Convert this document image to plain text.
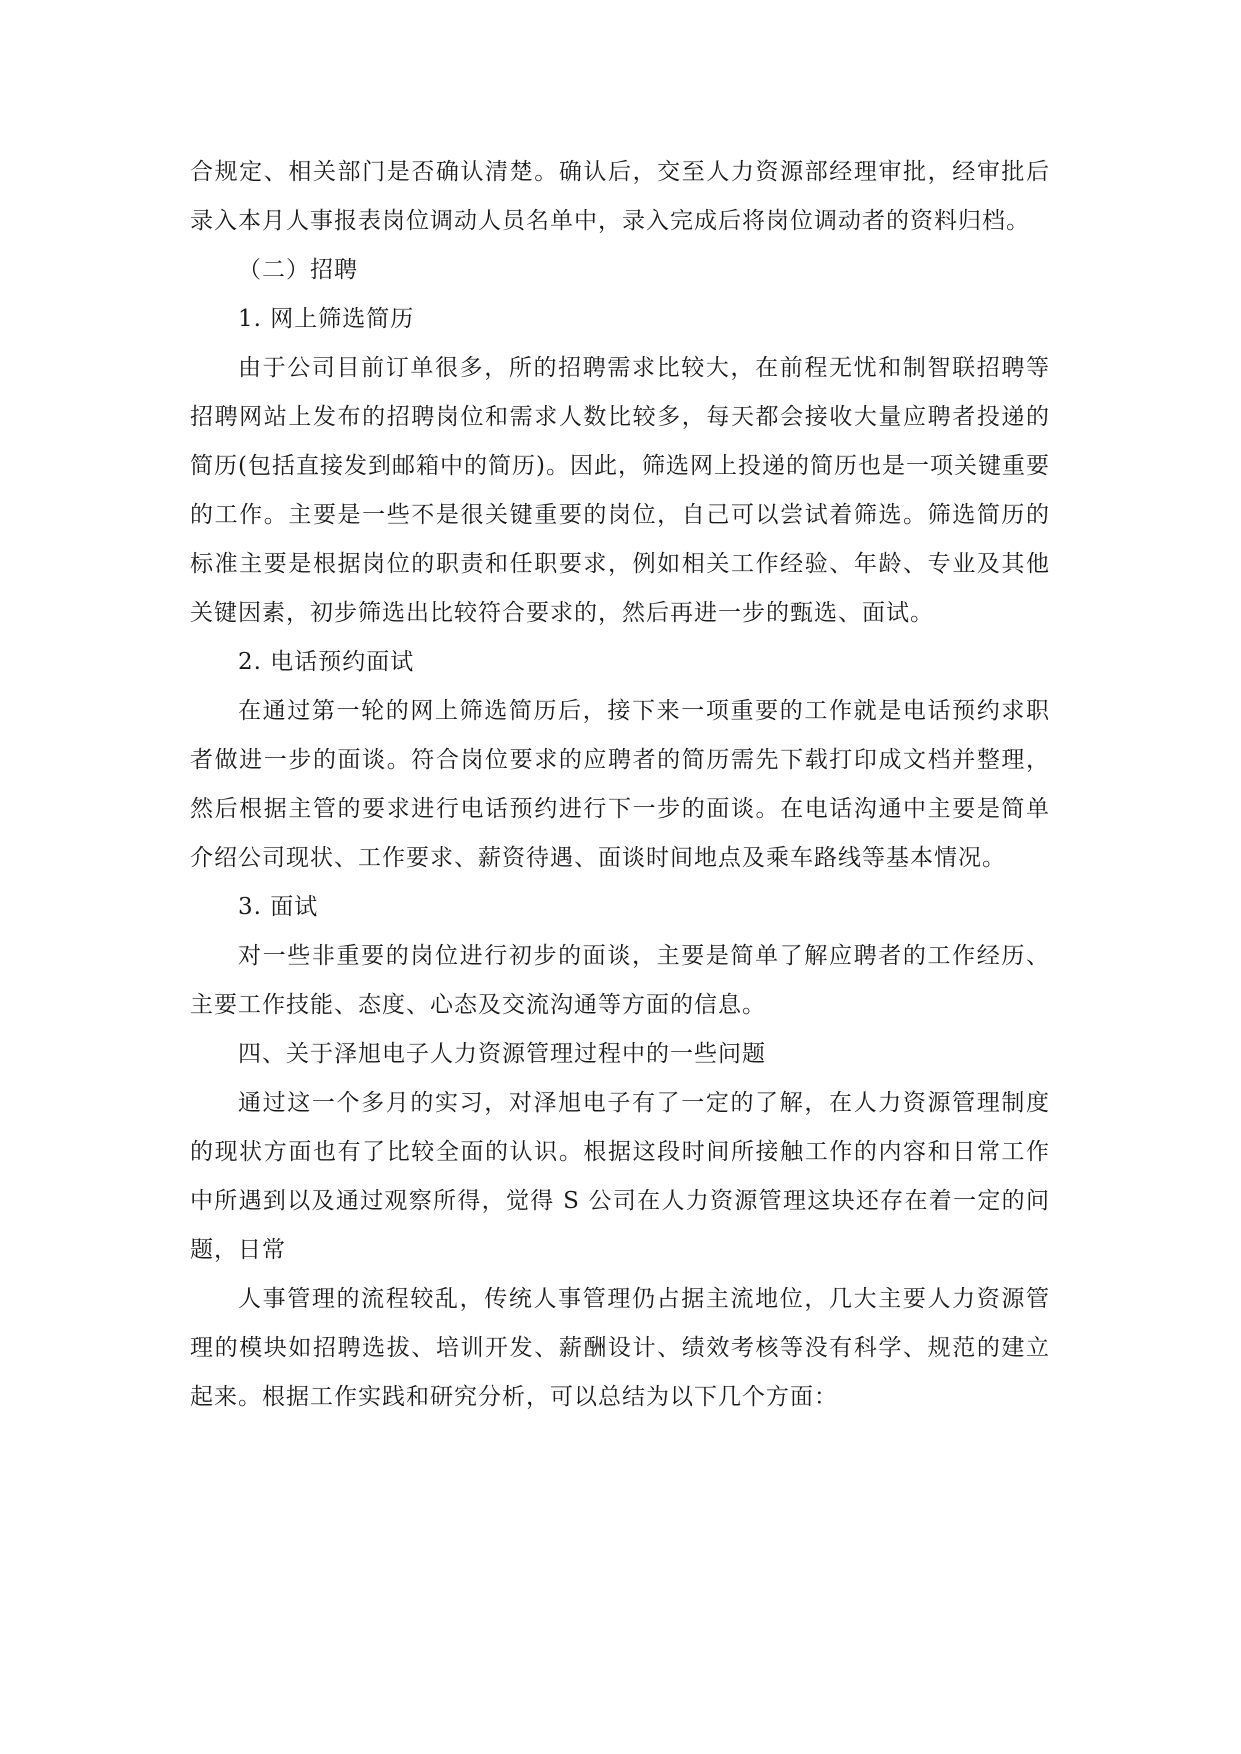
合规定、相关部门是否确认清楚。确认后，交至人力资源部经理审批，经审批后录入本月人事报表岗位调动人员名单中，录入完成后将岗位调动者的资料归档。

（二）招聘

1. 网上筛选简历

由于公司目前订单很多，所的招聘需求比较大，在前程无忧和制智联招聘等招聘网站上发布的招聘岗位和需求人数比较多，每天都会接收大量应聘者投递的简历(包括直接发到邮箱中的简历)。因此，筛选网上投递的简历也是一项关键重要的工作。主要是一些不是很关键重要的岗位，自己可以尝试着筛选。筛选简历的标准主要是根据岗位的职责和任职要求，例如相关工作经验、年龄、专业及其他关键因素，初步筛选出比较符合要求的，然后再进一步的甄选、面试。

2. 电话预约面试

在通过第一轮的网上筛选简历后，接下来一项重要的工作就是电话预约求职者做进一步的面谈。符合岗位要求的应聘者的简历需先下载打印成文档并整理，然后根据主管的要求进行电话预约进行下一步的面谈。在电话沟通中主要是简单介绍公司现状、工作要求、薪资待遇、面谈时间地点及乘车路线等基本情况。

3. 面试

对一些非重要的岗位进行初步的面谈，主要是简单了解应聘者的工作经历、主要工作技能、态度、心态及交流沟通等方面的信息。

四、关于泽旭电子人力资源管理过程中的一些问题

通过这一个多月的实习，对泽旭电子有了一定的了解，在人力资源管理制度的现状方面也有了比较全面的认识。根据这段时间所接触工作的内容和日常工作中所遇到以及通过观察所得，觉得 S 公司在人力资源管理这块还存在着一定的问题，日常

人事管理的流程较乱，传统人事管理仍占据主流地位，几大主要人力资源管理的模块如招聘选拔、培训开发、薪酬设计、绩效考核等没有科学、规范的建立起来。根据工作实践和研究分析，可以总结为以下几个方面：
